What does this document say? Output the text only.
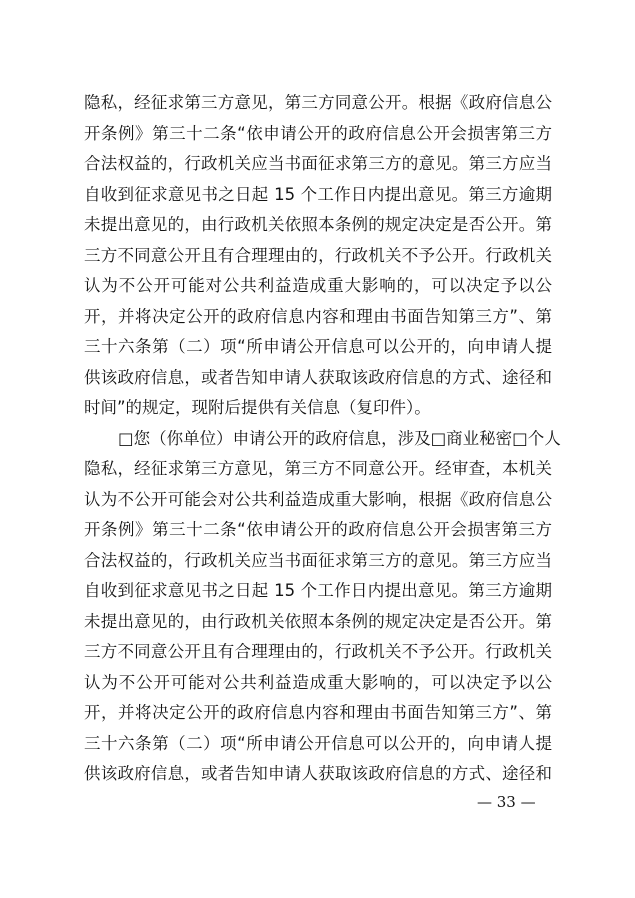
隐私，经征求第三方意见，第三方同意公开。根据《政府信息公
开条例》第三十二条“依申请公开的政府信息公开会损害第三方
合法权益的，行政机关应当书面征求第三方的意见。第三方应当
自收到征求意见书之日起 15 个工作日内提出意见。第三方逾期
未提出意见的，由行政机关依照本条例的规定决定是否公开。第
三方不同意公开且有合理理由的，行政机关不予公开。行政机关
认为不公开可能对公共利益造成重大影响的，可以决定予以公
开，并将决定公开的政府信息内容和理由书面告知第三方”、第
三十六条第（二）项“所申请公开信息可以公开的，向申请人提
供该政府信息，或者告知申请人获取该政府信息的方式、途径和
时间”的规定，现附后提供有关信息（复印件）。
□您（你单位）申请公开的政府信息，涉及□商业秘密□个人
隐私，经征求第三方意见，第三方不同意公开。经审查，本机关
认为不公开可能会对公共利益造成重大影响，根据《政府信息公
开条例》第三十二条“依申请公开的政府信息公开会损害第三方
合法权益的，行政机关应当书面征求第三方的意见。第三方应当
自收到征求意见书之日起 15 个工作日内提出意见。第三方逾期
未提出意见的，由行政机关依照本条例的规定决定是否公开。第
三方不同意公开且有合理理由的，行政机关不予公开。行政机关
认为不公开可能对公共利益造成重大影响的，可以决定予以公
开，并将决定公开的政府信息内容和理由书面告知第三方”、第
三十六条第（二）项“所申请公开信息可以公开的，向申请人提
供该政府信息，或者告知申请人获取该政府信息的方式、途径和
— 33 —
